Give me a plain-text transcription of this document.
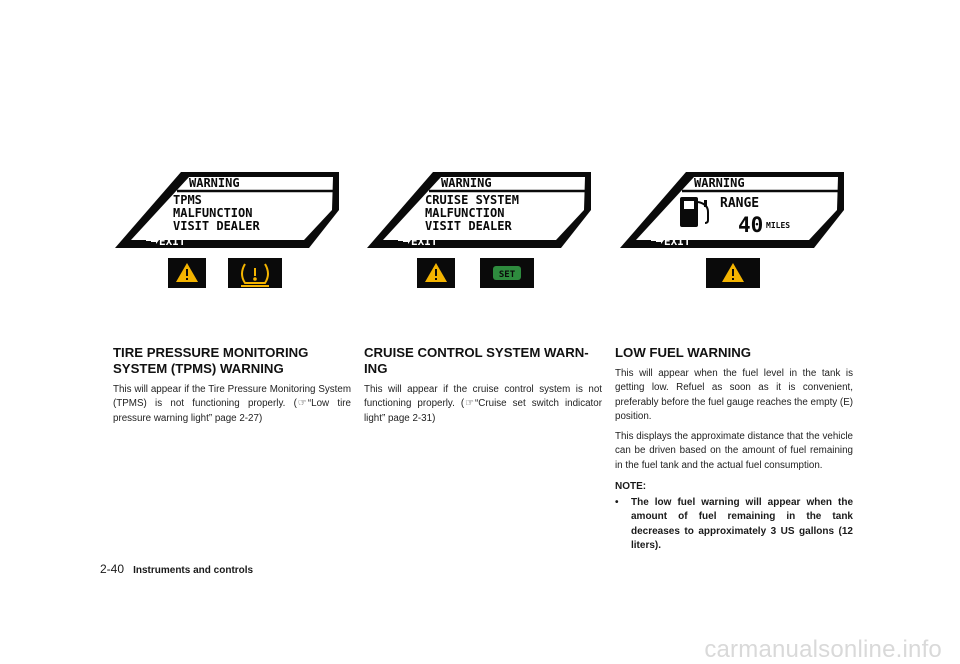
WARNING
TPMS
MALFUNCTION
VISIT DEALER
EXIT
WARNING
CRUISE SYSTEM
MALFUNCTION
VISIT DEALER
EXIT
SET
WARNING
RANGE
40 MILES
EXIT
TIRE PRESSURE MONITORING SYSTEM (TPMS) WARNING

This will appear if the Tire Pressure Monitoring System (TPMS) is not functioning properly. (☞“Low tire pressure warning light” page 2-27)

CRUISE CONTROL SYSTEM WARN-ING

This will appear if the cruise control system is not functioning properly. (☞“Cruise set switch indicator light” page 2-31)

LOW FUEL WARNING

This will appear when the fuel level in the tank is getting low. Refuel as soon as it is convenient, preferably before the fuel gauge reaches the empty (E) position.

This displays the approximate distance that the vehicle can be driven based on the amount of fuel remaining in the fuel tank and the actual fuel consumption.

NOTE:
•	The low fuel warning will appear when the amount of fuel remaining in the tank decreases to approximately 3 US gallons (12 liters).
2-40 Instruments and controls
carmanualsonline.info
